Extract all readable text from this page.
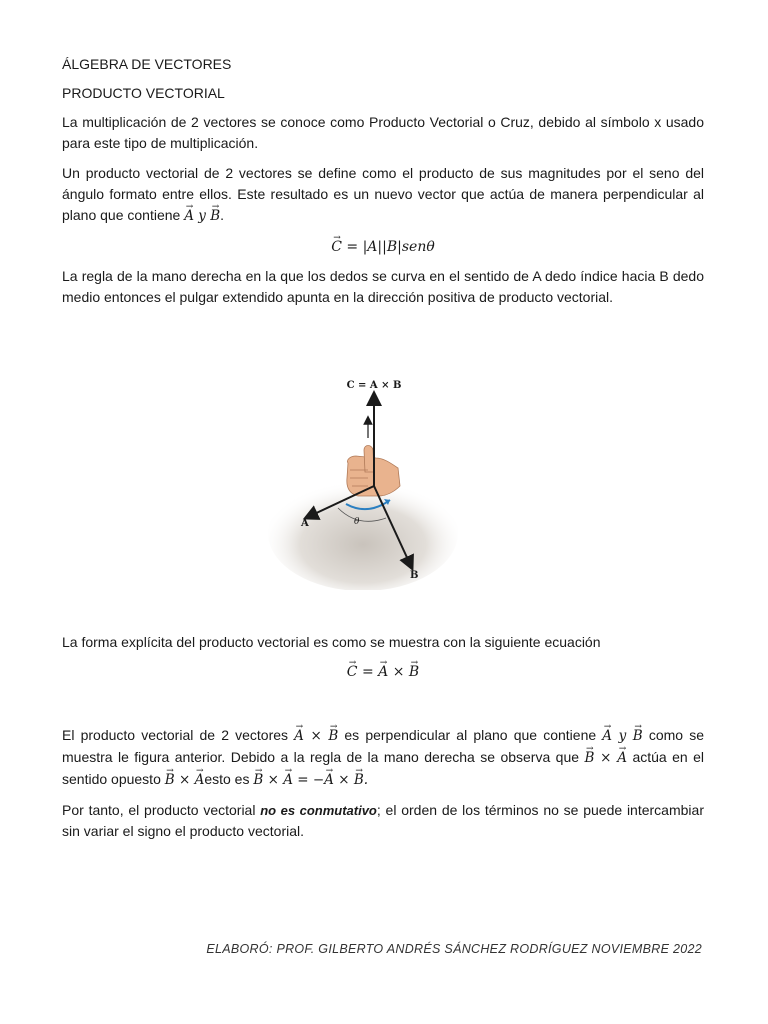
ÁLGEBRA DE VECTORES

PRODUCTO VECTORIAL

La multiplicación de 2 vectores se conoce como Producto Vectorial o Cruz, debido al símbolo x usado para este tipo de multiplicación.

Un producto vectorial de 2 vectores se define como el producto de sus magnitudes por el seno del ángulo formato entre ellos. Este resultado es un nuevo vector que actúa de manera perpendicular al plano que contiene → A y → B.

→ C = |A||B|senθ

La regla de la mano derecha en la que los dedos se curva en el sentido de A dedo índice hacia B dedo medio entonces el pulgar extendido apunta en la dirección positiva de producto vectorial.

C = A × B
A
B
θ

La forma explícita del producto vectorial es como se muestra con la siguiente ecuación

→ C = → A × → B

El producto vectorial de 2 vectores → A × → B es perpendicular al plano que contiene → A y → B como se muestra le figura anterior. Debido a la regla de la mano derecha se observa que → B × → A actúa en el sentido opuesto → B × → Aesto es → B × → A = −→ A × → B.

Por tanto, el producto vectorial no es conmutativo; el orden de los términos no se puede intercambiar sin variar el signo el producto vectorial.

ELABORÓ: PROF. GILBERTO ANDRÉS SÁNCHEZ RODRÍGUEZ NOVIEMBRE 2022
